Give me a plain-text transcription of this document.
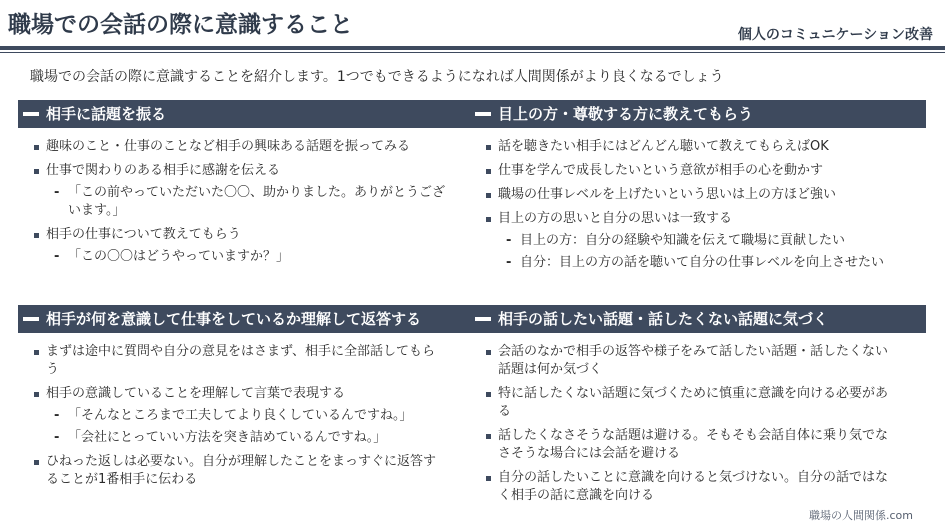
職場での会話の際に意識すること	個人のコミュニケーション改善
職場での会話の際に意識することを紹介します。1つでもできるようになれば人間関係がより良くなるでしょう
相手に話題を振る
趣味のこと・仕事のことなど相手の興味ある話題を振ってみる
仕事で関わりのある相手に感謝を伝える
- 「この前やっていただいた〇〇、助かりました。ありがとうございます。」
相手の仕事について教えてもらう
- 「この〇〇はどうやっていますか？」
目上の方・尊敬する方に教えてもらう
話を聴きたい相手にはどんどん聴いて教えてもらえばOK
仕事を学んで成長したいという意欲が相手の心を動かす
職場の仕事レベルを上げたいという思いは上の方ほど強い
目上の方の思いと自分の思いは一致する
- 目上の方：自分の経験や知識を伝えて職場に貢献したい
- 自分：目上の方の話を聴いて自分の仕事レベルを向上させたい
相手が何を意識して仕事をしているか理解して返答する
まずは途中に質問や自分の意見をはさまず、相手に全部話してもらう
相手の意識していることを理解して言葉で表現する
- 「そんなところまで工夫してより良くしているんですね。」
- 「会社にとっていい方法を突き詰めているんですね。」
ひねった返しは必要ない。自分が理解したことをまっすぐに返答することが1番相手に伝わる
相手の話したい話題・話したくない話題に気づく
会話のなかで相手の返答や様子をみて話したい話題・話したくない話題は何か気づく
特に話したくない話題に気づくために慎重に意識を向ける必要がある
話したくなさそうな話題は避ける。そもそも会話自体に乗り気でなさそうな場合には会話を避ける
自分の話したいことに意識を向けると気づけない。自分の話ではなく相手の話に意識を向ける
職場の人間関係.com
